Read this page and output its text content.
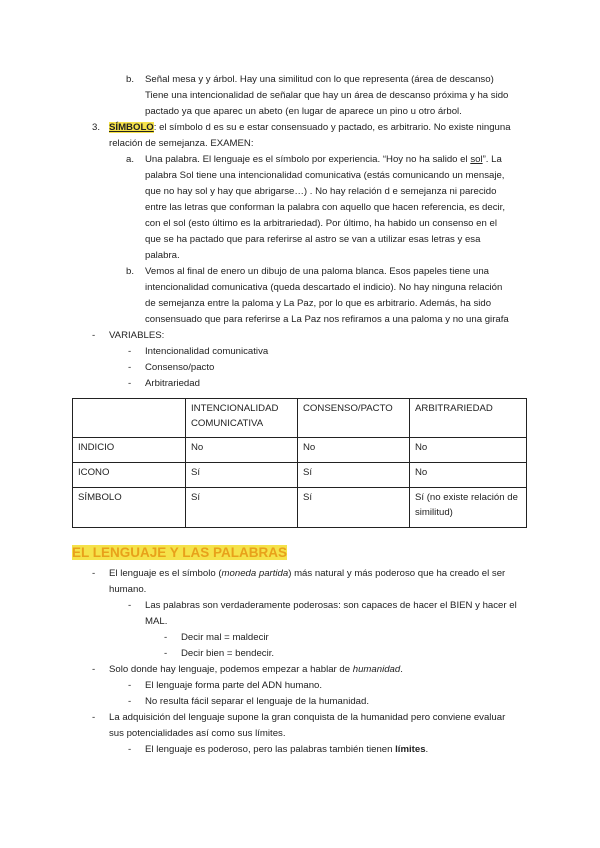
b. Señal mesa y y árbol. Hay una similitud con lo que representa (área de descanso)
Tiene una intencionalidad de señalar que hay un área de descanso próxima y ha sido
pactado ya que aparec un abeto (en lugar de aparece un pino u otro árbol.
3. SÍMBOLO: el símbolo d es su e estar consensuado y pactado, es arbitrario. No existe ninguna
relación de semejanza. EXAMEN:
a. Una palabra. El lenguaje es el símbolo por experiencia. “Hoy no ha salido el sol”. La
palabra Sol tiene una intencionalidad comunicativa (estás comunicando un mensaje,
que no hay sol y hay que abrigarse…) . No hay relación d e semejanza ni parecido
entre las letras que conforman la palabra con aquello que hacen referencia, es decir,
con el sol (esto último es la arbitrariedad). Por último, ha habido un consenso en el
que se ha pactado que para referirse al astro se van a utilizar esas letras y esa
palabra.
b. Vemos al final de enero un dibujo de una paloma blanca. Esos papeles tiene una
intencionalidad comunicativa (queda descartado el indicio). No hay ninguna relación
de semejanza entre la paloma y La Paz, por lo que es arbitrario. Además, ha sido
consensuado que para referirse a La Paz nos refiramos a una paloma y no una girafa
- VARIABLES:
- Intencionalidad comunicativa
- Consenso/pacto
- Arbitrariedad
	INTENCIONALIDAD COMUNICATIVA	CONSENSO/PACTO	ARBITRARIEDAD
INDICIO	No	No	No
ICONO	Sí	Sí	No
SÍMBOLO	Sí	Sí	Sí (no existe relación de similitud)
EL LENGUAJE Y LAS PALABRAS
- El lenguaje es el símbolo (moneda partida) más natural y más poderoso que ha creado el ser
humano.
- Las palabras son verdaderamente poderosas: son capaces de hacer el BIEN y hacer el
MAL.
- Decir mal = maldecir
- Decir bien = bendecir.
- Solo donde hay lenguaje, podemos empezar a hablar de humanidad.
- El lenguaje forma parte del ADN humano.
- No resulta fácil separar el lenguaje de la humanidad.
- La adquisición del lenguaje supone la gran conquista de la humanidad pero conviene evaluar
sus potencialidades así como sus límites.
- El lenguaje es poderoso, pero las palabras también tienen límites.
